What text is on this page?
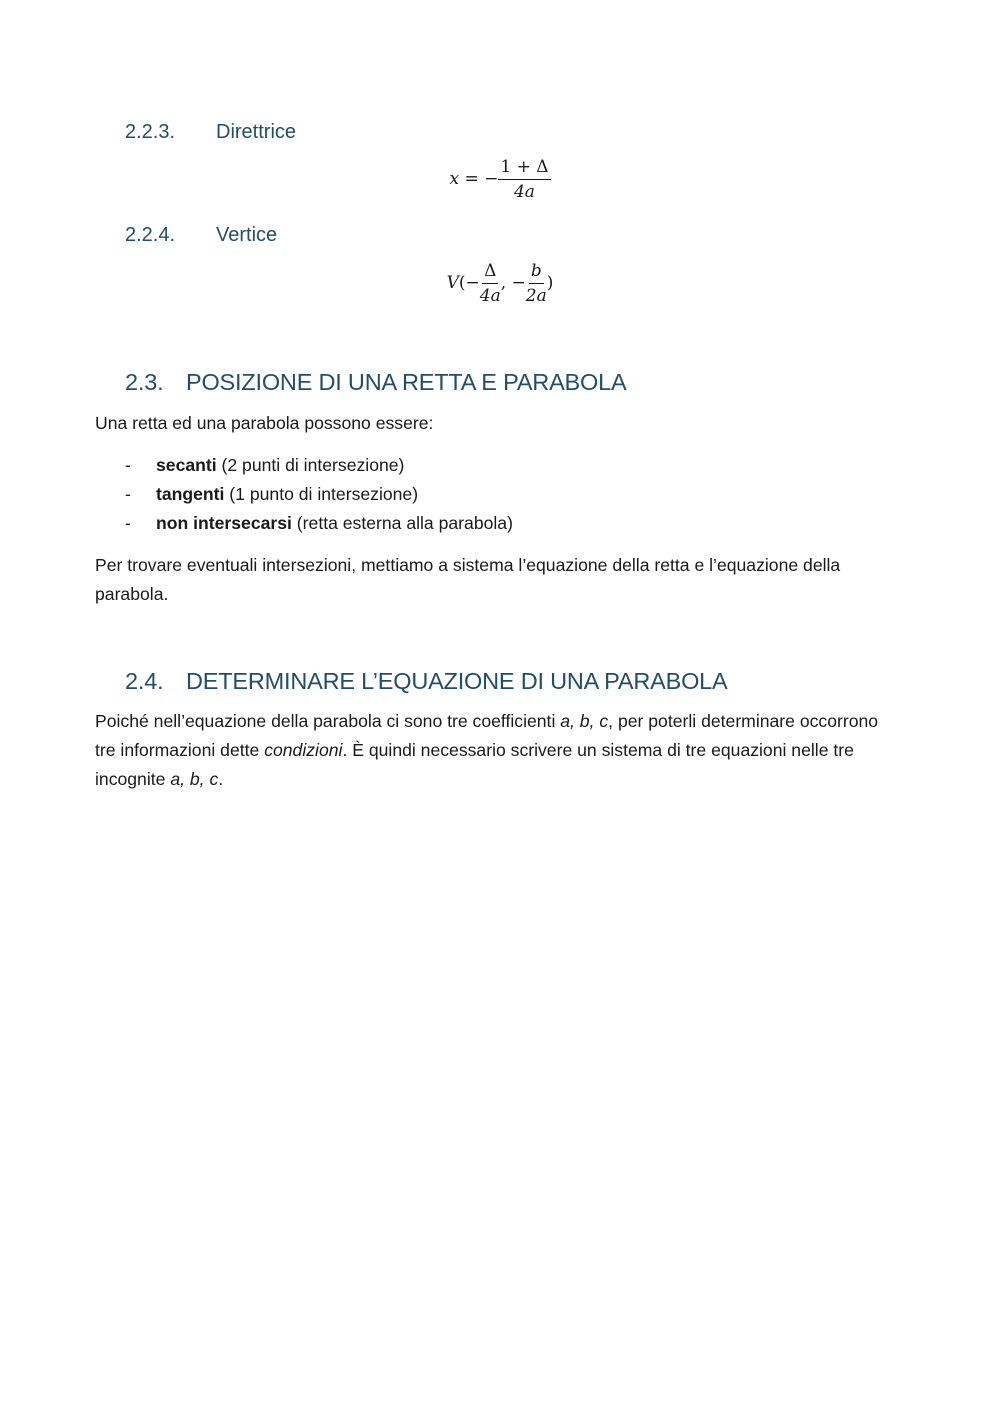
2.2.3. Direttrice
x = − $\frac{1 + \Delta}{4a}$
2.2.4. Vertice
$V(- \frac{\Delta}{4a}$ , − $\frac{b}{2a}$ )
2.3. POSIZIONE DI UNA RETTA E PARABOLA
Una retta ed una parabola possono essere:
- secanti (2 punti di intersezione)
- tangenti (1 punto di intersezione)
- non intersecarsi (retta esterna alla parabola)
Per trovare eventuali intersezioni, mettiamo a sistema l’equazione della retta e l’equazione della parabola.
2.4. DETERMINARE L’EQUAZIONE DI UNA PARABOLA
Poiché nell’equazione della parabola ci sono tre coefficienti a, b, c, per poterli determinare occorrono tre informazioni dette condizioni. È quindi necessario scrivere un sistema di tre equazioni nelle tre incognite a, b, c.
